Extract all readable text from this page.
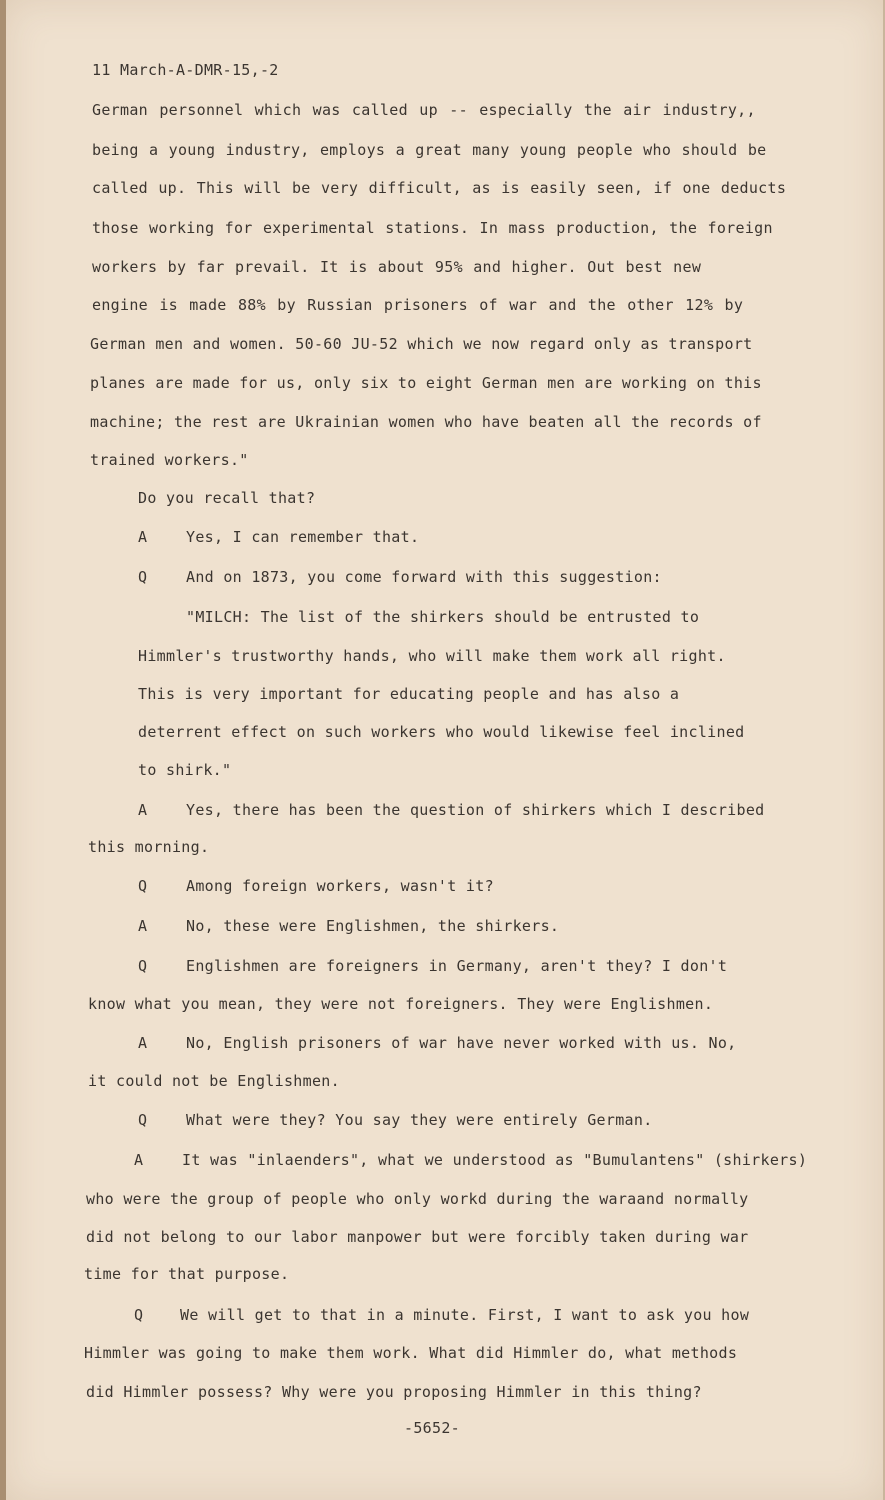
11 March-A-DMR-15,-2

German personnel which was called up -- especially the air industry,,

being a young industry, employs a great many young people who should be

called up. This will be very difficult, as is easily seen, if one deducts

those working for experimental stations. In mass production, the foreign

workers by far prevail. It is about 95% and higher. Out best new

engine is made 88% by Russian prisoners of war and the other 12% by

German men and women. 50-60 JU-52 which we now regard only as transport

planes are made for us, only six to eight German men are working on this

machine; the rest are Ukrainian women who have beaten all the records of

trained workers."

Do you recall that?

A	Yes, I can remember that.

Q	And on 1873, you come forward with this suggestion:

"MILCH: The list of the shirkers should be entrusted to

Himmler's trustworthy hands, who will make them work all right.

This is very important for educating people and has also a

deterrent effect on such workers who would likewise feel inclined

to shirk."

A	Yes, there has been the question of shirkers which I described

this morning.

Q	Among foreign workers, wasn't it?

A	No, these were Englishmen, the shirkers.

Q	Englishmen are foreigners in Germany, aren't they? I don't

know what you mean, they were not foreigners. They were Englishmen.

A	No, English prisoners of war have never worked with us. No,

it could not be Englishmen.

Q	What were they? You say they were entirely German.

A	It was "inlaenders", what we understood as "Bumulantens" (shirkers)

who were the group of people who only workd during the waraand normally

did not belong to our labor manpower but were forcibly taken during war

time for that purpose.

Q We will get to that in a minute. First, I want to ask you how

Himmler was going to make them work. What did Himmler do, what methods

did Himmler possess? Why were you proposing Himmler in this thing?

-5652-
